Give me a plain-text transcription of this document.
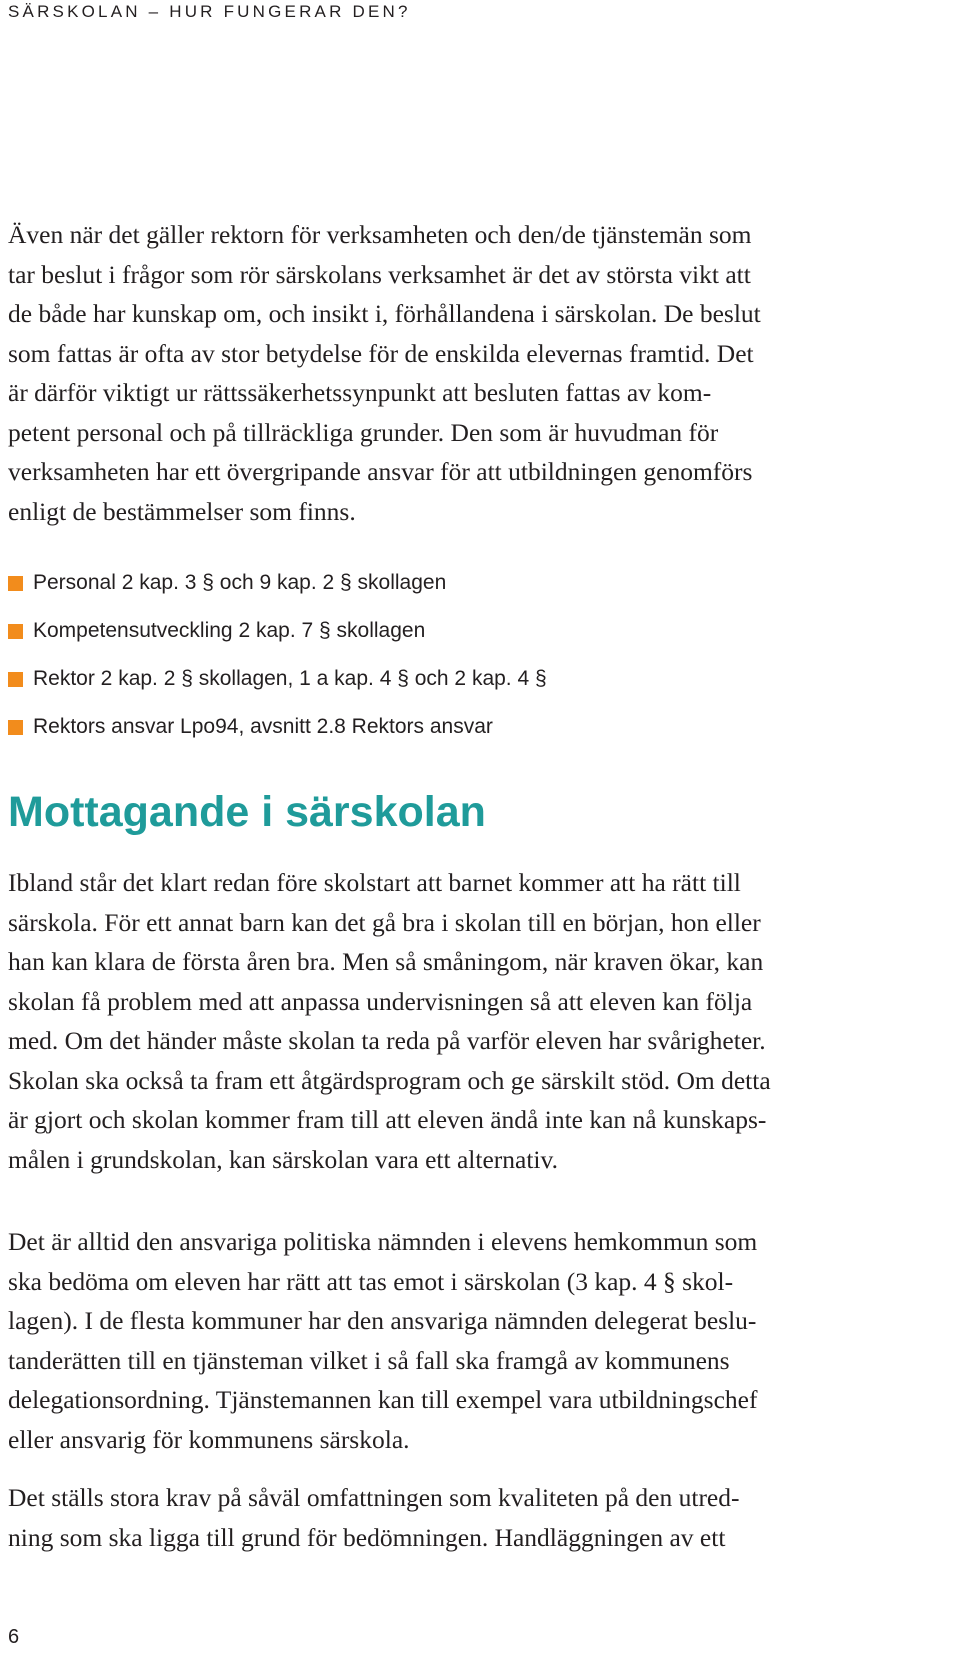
SÄRSKOLAN – HUR FUNGERAR DEN?

Även när det gäller rektorn för verksamheten och den/de tjänstemän som
tar beslut i frågor som rör särskolans verksamhet är det av största vikt att
de både har kunskap om, och insikt i, förhållandena i särskolan. De beslut
som fattas är ofta av stor betydelse för de enskilda elevernas framtid. Det
är därför viktigt ur rättssäkerhetssynpunkt att besluten fattas av kom-
petent personal och på tillräckliga grunder. Den som är huvudman för
verksamheten har ett övergripande ansvar för att utbildningen genomförs
enligt de bestämmelser som finns.

Personal 2 kap. 3 § och 9 kap. 2 § skollagen
Kompetensutveckling 2 kap. 7 § skollagen
Rektor 2 kap. 2 § skollagen, 1 a kap. 4 § och 2 kap. 4 §
Rektors ansvar Lpo94, avsnitt 2.8 Rektors ansvar
Mottagande i särskolan

Ibland står det klart redan före skolstart att barnet kommer att ha rätt till
särskola. För ett annat barn kan det gå bra i skolan till en början, hon eller
han kan klara de första åren bra. Men så småningom, när kraven ökar, kan
skolan få problem med att anpassa undervisningen så att eleven kan följa
med. Om det händer måste skolan ta reda på varför eleven har svårigheter.
Skolan ska också ta fram ett åtgärdsprogram och ge särskilt stöd. Om detta
är gjort och skolan kommer fram till att eleven ändå inte kan nå kunskaps-
målen i grundskolan, kan särskolan vara ett alternativ.

Det är alltid den ansvariga politiska nämnden i elevens hemkommun som
ska bedöma om eleven har rätt att tas emot i särskolan (3 kap. 4 § skol-
lagen). I de flesta kommuner har den ansvariga nämnden delegerat beslu-
tanderätten till en tjänsteman vilket i så fall ska framgå av kommunens
delegationsordning. Tjänstemannen kan till exempel vara utbildningschef
eller ansvarig för kommunens särskola.

Det ställs stora krav på såväl omfattningen som kvaliteten på den utred-
ning som ska ligga till grund för bedömningen. Handläggningen av ett

6
